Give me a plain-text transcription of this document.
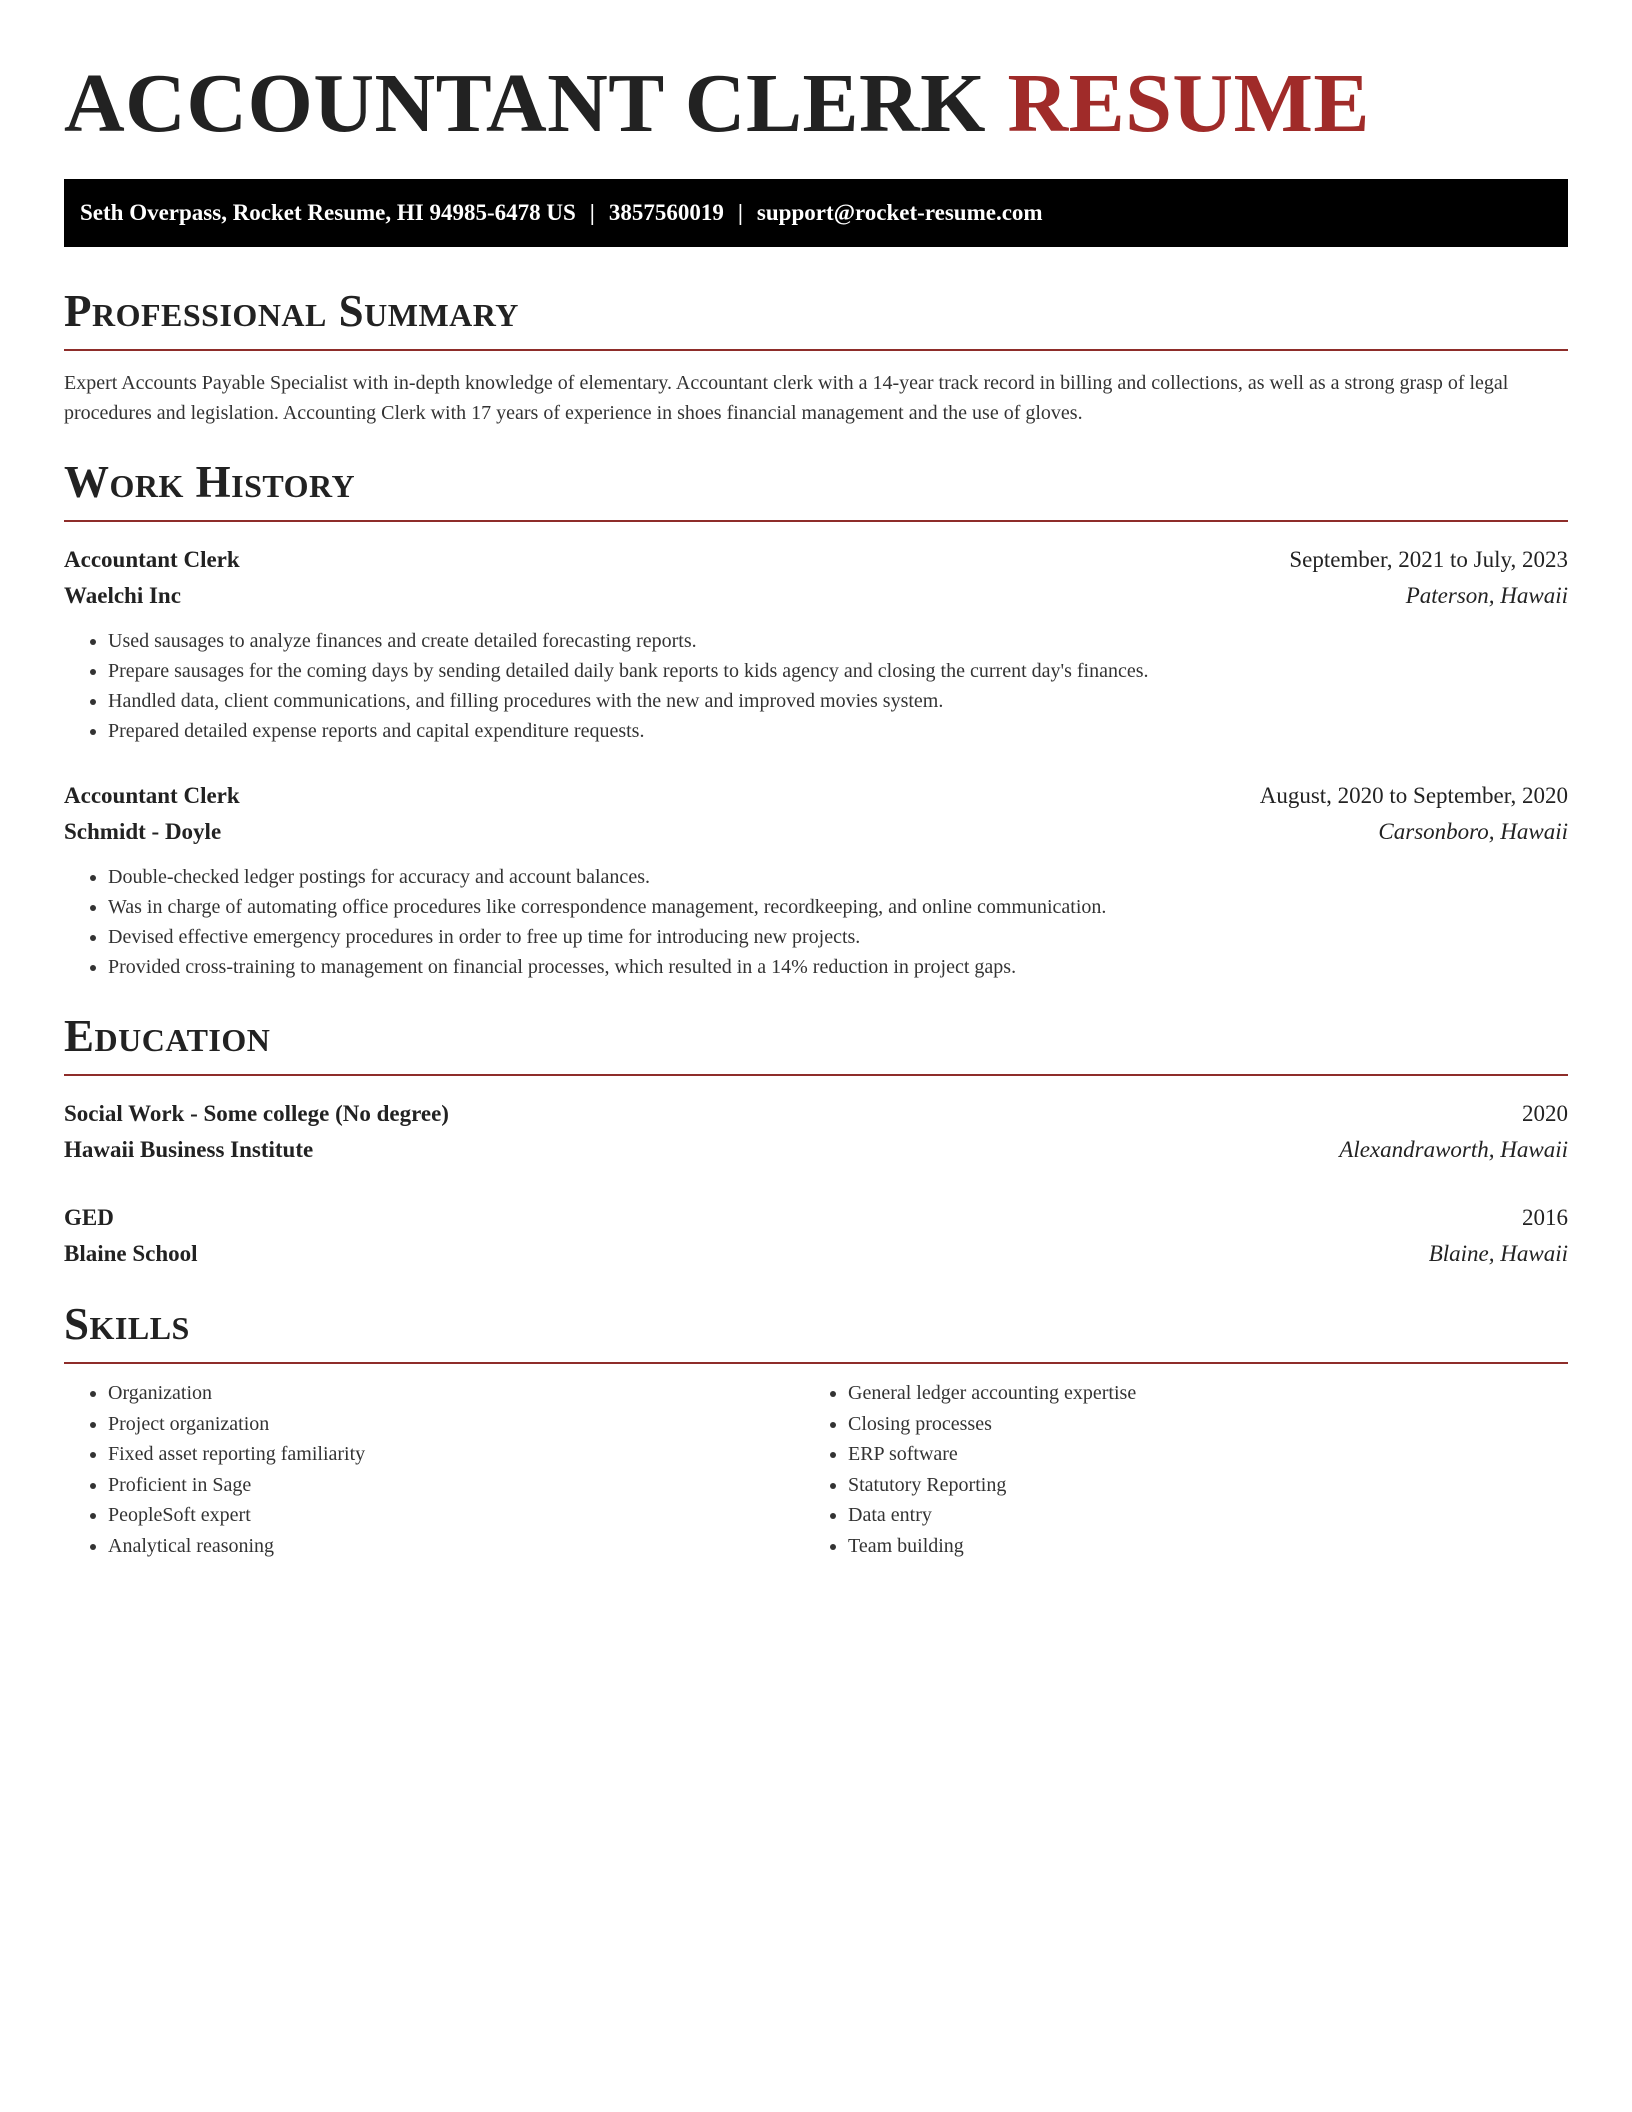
ACCOUNTANT CLERK RESUME
Seth Overpass, Rocket Resume, HI 94985-6478 US | 3857560019 | support@rocket-resume.com
Professional Summary

Expert Accounts Payable Specialist with in-depth knowledge of elementary. Accountant clerk with a 14-year track record in billing and collections, as well as a strong grasp of legal procedures and legislation. Accounting Clerk with 17 years of experience in shoes financial management and the use of gloves.

Work History
Accountant Clerk	September, 2021 to July, 2023
Waelchi Inc	Paterson, Hawaii
• Used sausages to analyze finances and create detailed forecasting reports.
• Prepare sausages for the coming days by sending detailed daily bank reports to kids agency and closing the current day's finances.
• Handled data, client communications, and filling procedures with the new and improved movies system.
• Prepared detailed expense reports and capital expenditure requests.
Accountant Clerk	August, 2020 to September, 2020
Schmidt - Doyle	Carsonboro, Hawaii
• Double-checked ledger postings for accuracy and account balances.
• Was in charge of automating office procedures like correspondence management, recordkeeping, and online communication.
• Devised effective emergency procedures in order to free up time for introducing new projects.
• Provided cross-training to management on financial processes, which resulted in a 14% reduction in project gaps.
Education
Social Work - Some college (No degree)	2020
Hawaii Business Institute	Alexandraworth, Hawaii
GED	2016
Blaine School	Blaine, Hawaii
Skills
• Organization
• Project organization
• Fixed asset reporting familiarity
• Proficient in Sage
• PeopleSoft expert
• Analytical reasoning
• General ledger accounting expertise
• Closing processes
• ERP software
• Statutory Reporting
• Data entry
• Team building
